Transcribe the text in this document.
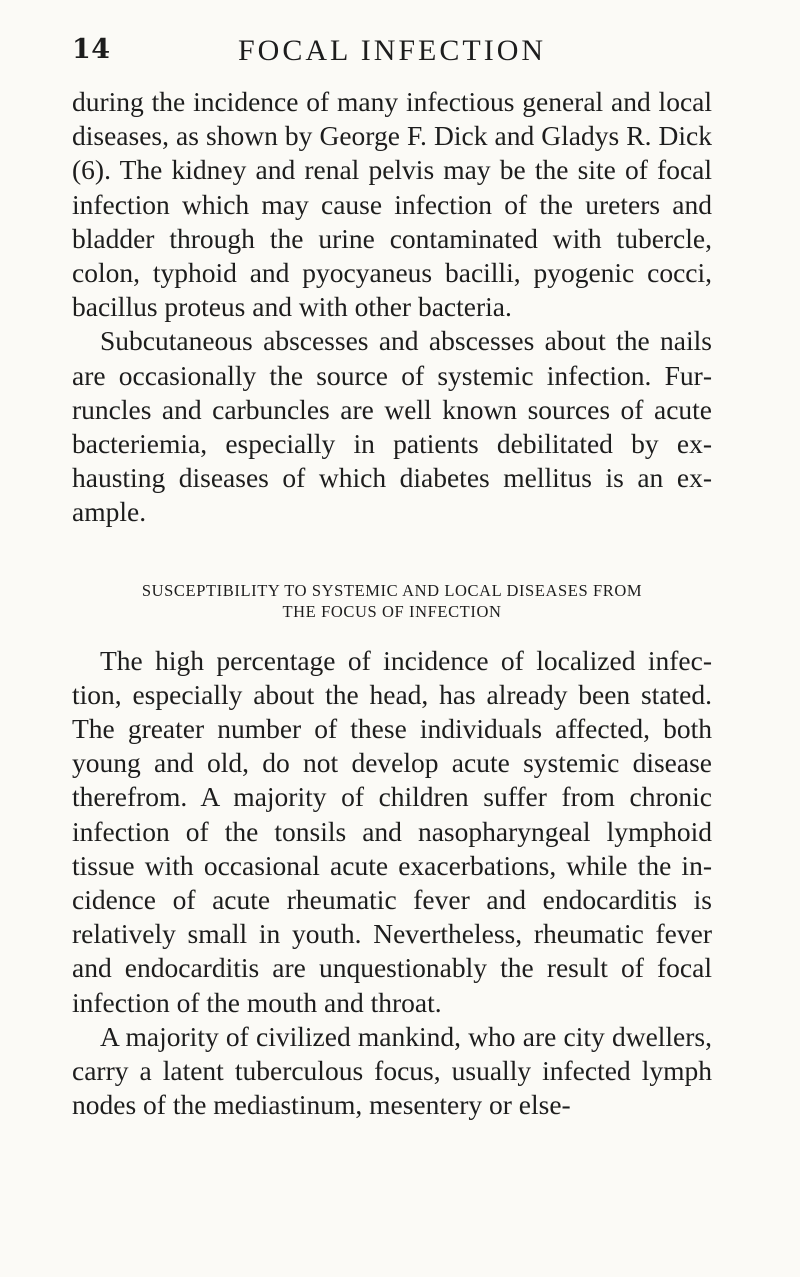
14	FOCAL INFECTION

during the incidence of many infectious general and local diseases, as shown by George F. Dick and Gladys R. Dick (6). The kidney and renal pelvis may be the site of focal infection which may cause infection of the ureters and bladder through the urine contaminated with tubercle, colon, typhoid and pyocyaneus bacilli, pyogenic cocci, bacillus proteus and with other bacteria.

Subcutaneous abscesses and abscesses about the nails are occasionally the source of systemic infection. Furruncles and carbuncles are well known sources of acute bacteriemia, especially in patients debilitated by exhausting diseases of which diabetes mellitus is an example.

SUSCEPTIBILITY TO SYSTEMIC AND LOCAL DISEASES FROM
THE FOCUS OF INFECTION

The high percentage of incidence of localized infection, especially about the head, has already been stated. The greater number of these individuals affected, both young and old, do not develop acute systemic disease therefrom. A majority of children suffer from chronic infection of the tonsils and nasopharyngeal lymphoid tissue with occasional acute exacerbations, while the incidence of acute rheumatic fever and endocarditis is relatively small in youth. Nevertheless, rheumatic fever and endocarditis are unquestionably the result of focal infection of the mouth and throat.

A majority of civilized mankind, who are city dwellers, carry a latent tuberculous focus, usually infected lymph nodes of the mediastinum, mesentery or else-
